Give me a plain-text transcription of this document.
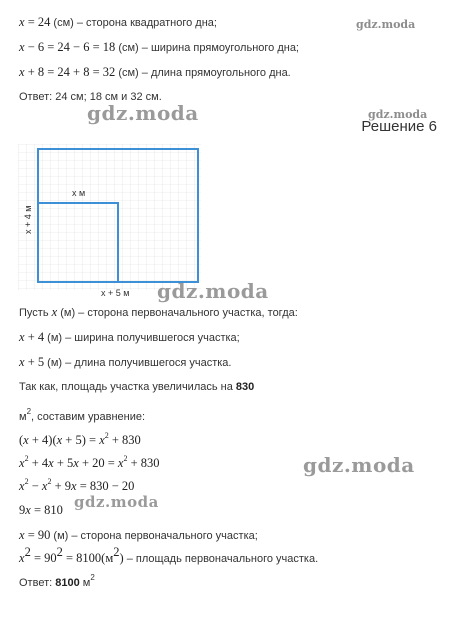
x = 24 (см) – сторона квадратного дна;
x − 6 = 24 − 6 = 18 (см) – ширина прямоугольного дна;
x + 8 = 24 + 8 = 32 (см) – длина прямоугольного дна.
Ответ: 24 см; 18 см и 32 см.
gdz.moda
gdz.moda	gdz.moda
Решение 6
х м
х + 4 м
gdz.moda
х + 5 м
Пусть x (м) – сторона первоначального участка, тогда:
x + 4 (м) – ширина получившегося участка;
x + 5 (м) – длина получившегося участка.
Так как, площадь участка увеличилась на 830
$м^2$, составим уравнение:
$(x + 4)(x + 5) = x^2 + 830$
$x^2 + 4x + 5x + 20 = x^2 + 830$	gdz.moda
$x^2 - x^2 + 9x = 830 - 20$
9x = 810 gdz.moda
x = 90 (м) – сторона первоначального участка;
$x^2 = 90^2 = 8100(м^2)$ – площадь первоначального участка.
Ответ: 8100 $м^2$
